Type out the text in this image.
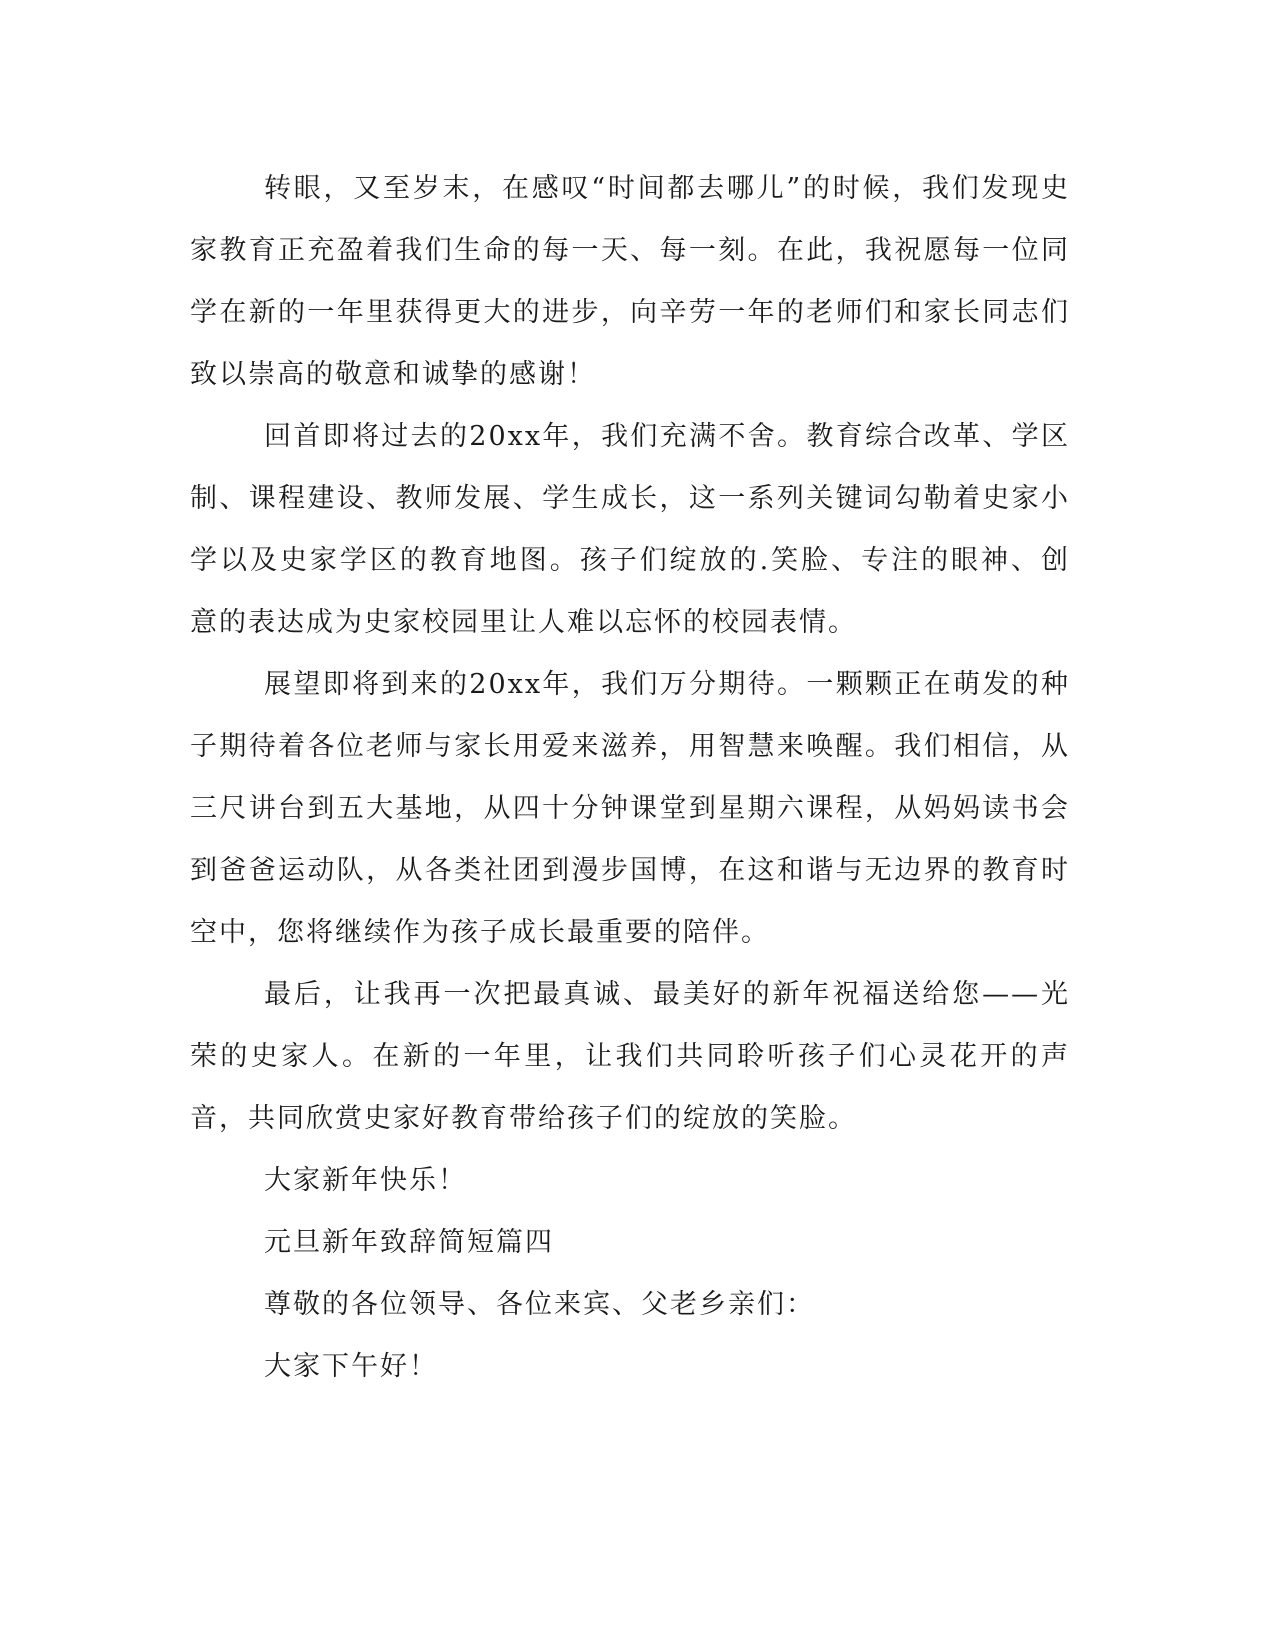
转眼，又至岁末，在感叹“时间都去哪儿”的时候，我们发现史家教育正充盈着我们生命的每一天、每一刻。在此，我祝愿每一位同学在新的一年里获得更大的进步，向辛劳一年的老师们和家长同志们致以崇高的敬意和诚挚的感谢！

回首即将过去的20xx年，我们充满不舍。教育综合改革、学区制、课程建设、教师发展、学生成长，这一系列关键词勾勒着史家小学以及史家学区的教育地图。孩子们绽放的.笑脸、专注的眼神、创意的表达成为史家校园里让人难以忘怀的校园表情。

展望即将到来的20xx年，我们万分期待。一颗颗正在萌发的种子期待着各位老师与家长用爱来滋养，用智慧来唤醒。我们相信，从三尺讲台到五大基地，从四十分钟课堂到星期六课程，从妈妈读书会到爸爸运动队，从各类社团到漫步国博，在这和谐与无边界的教育时空中，您将继续作为孩子成长最重要的陪伴。

最后，让我再一次把最真诚、最美好的新年祝福送给您——光荣的史家人。在新的一年里，让我们共同聆听孩子们心灵花开的声音，共同欣赏史家好教育带给孩子们的绽放的笑脸。

大家新年快乐！

元旦新年致辞简短篇四

尊敬的各位领导、各位来宾、父老乡亲们：

大家下午好！
